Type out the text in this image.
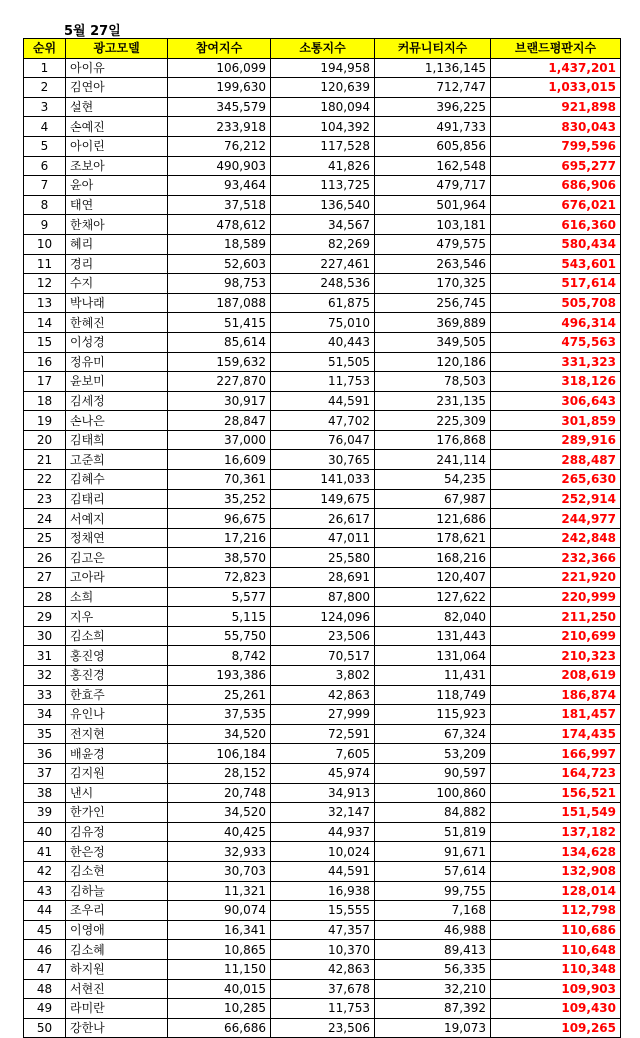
5월 27일
순위	광고모델	참여지수	소통지수	커뮤니티지수	브랜드평판지수
1	아이유	106,099	194,958	1,136,145	1,437,201
2	김연아	199,630	120,639	712,747	1,033,015
3	설현	345,579	180,094	396,225	921,898
4	손예진	233,918	104,392	491,733	830,043
5	아이린	76,212	117,528	605,856	799,596
6	조보아	490,903	41,826	162,548	695,277
7	윤아	93,464	113,725	479,717	686,906
8	태연	37,518	136,540	501,964	676,021
9	한채아	478,612	34,567	103,181	616,360
10	혜리	18,589	82,269	479,575	580,434
11	경리	52,603	227,461	263,546	543,601
12	수지	98,753	248,536	170,325	517,614
13	박나래	187,088	61,875	256,745	505,708
14	한혜진	51,415	75,010	369,889	496,314
15	이성경	85,614	40,443	349,505	475,563
16	정유미	159,632	51,505	120,186	331,323
17	윤보미	227,870	11,753	78,503	318,126
18	김세정	30,917	44,591	231,135	306,643
19	손나은	28,847	47,702	225,309	301,859
20	김태희	37,000	76,047	176,868	289,916
21	고준희	16,609	30,765	241,114	288,487
22	김혜수	70,361	141,033	54,235	265,630
23	김태리	35,252	149,675	67,987	252,914
24	서예지	96,675	26,617	121,686	244,977
25	정채연	17,216	47,011	178,621	242,848
26	김고은	38,570	25,580	168,216	232,366
27	고아라	72,823	28,691	120,407	221,920
28	소희	5,577	87,800	127,622	220,999
29	지우	5,115	124,096	82,040	211,250
30	김소희	55,750	23,506	131,443	210,699
31	홍진영	8,742	70,517	131,064	210,323
32	홍진경	193,386	3,802	11,431	208,619
33	한효주	25,261	42,863	118,749	186,874
34	유인나	37,535	27,999	115,923	181,457
35	전지현	34,520	72,591	67,324	174,435
36	배윤경	106,184	7,605	53,209	166,997
37	김지원	28,152	45,974	90,597	164,723
38	낸시	20,748	34,913	100,860	156,521
39	한가인	34,520	32,147	84,882	151,549
40	김유정	40,425	44,937	51,819	137,182
41	한은정	32,933	10,024	91,671	134,628
42	김소현	30,703	44,591	57,614	132,908
43	김하늘	11,321	16,938	99,755	128,014
44	조우리	90,074	15,555	7,168	112,798
45	이영애	16,341	47,357	46,988	110,686
46	김소혜	10,865	10,370	89,413	110,648
47	하지원	11,150	42,863	56,335	110,348
48	서현진	40,015	37,678	32,210	109,903
49	라미란	10,285	11,753	87,392	109,430
50	강한나	66,686	23,506	19,073	109,265
